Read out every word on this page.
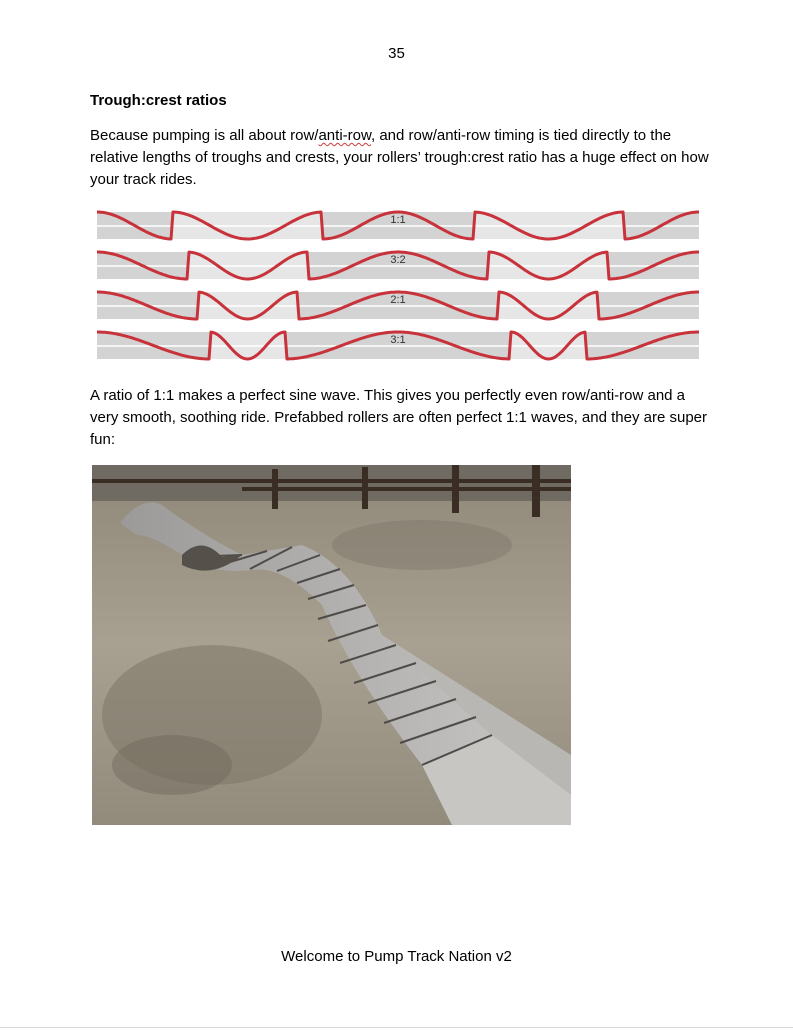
35
Trough:crest ratios

Because pumping is all about row/anti-row, and row/anti-row timing is tied directly to the relative lengths of troughs and crests, your rollers’ trough:crest ratio has a huge effect on how your track rides.

1:1
3:2
2:1
3:1

A ratio of 1:1 makes a perfect sine wave. This gives you perfectly even row/anti-row and a very smooth, soothing ride. Prefabbed rollers are often perfect 1:1 waves, and they are super fun:

Welcome to Pump Track Nation v2
